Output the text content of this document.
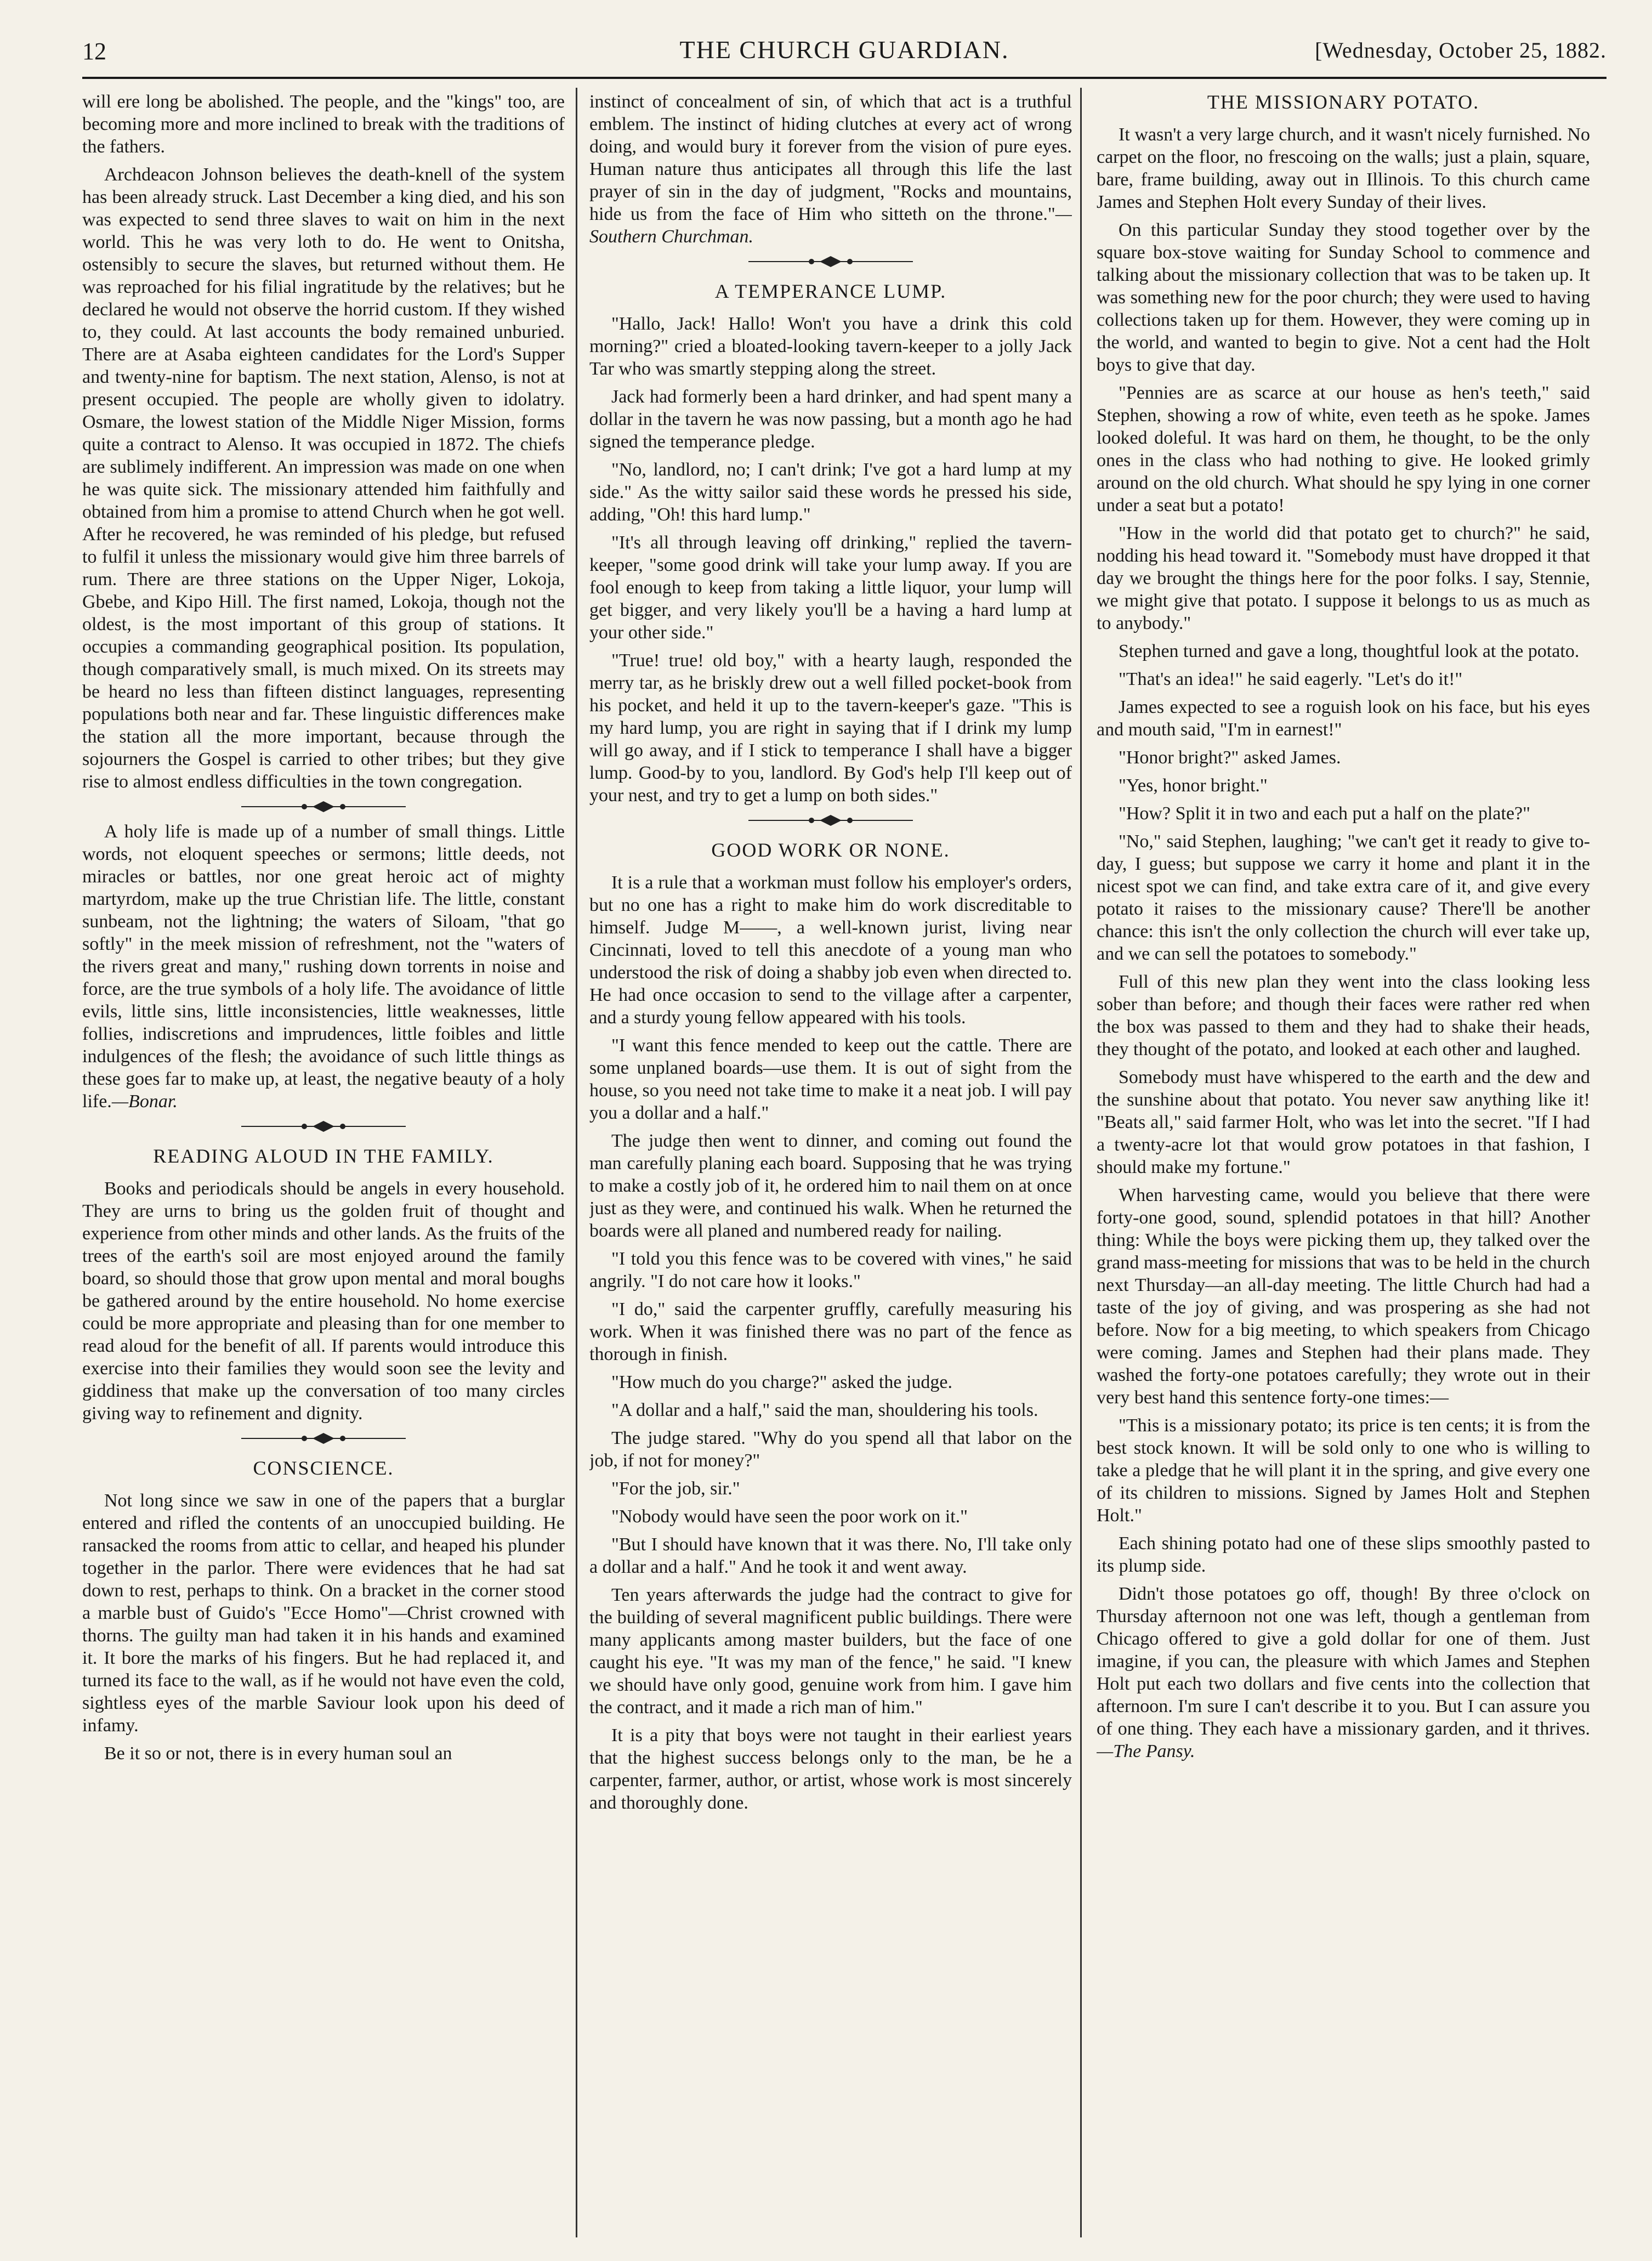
12	THE CHURCH GUARDIAN.	[Wednesday, October 25, 1882.

will ere long be abolished. The people, and the "kings" too, are becoming more and more inclined to break with the traditions of the fathers.

Archdeacon Johnson believes the death-knell of the system has been already struck. Last December a king died, and his son was expected to send three slaves to wait on him in the next world. This he was very loth to do. He went to Onitsha, ostensibly to secure the slaves, but returned without them. He was reproached for his filial ingratitude by the relatives; but he declared he would not observe the horrid custom. If they wished to, they could. At last accounts the body remained unburied. There are at Asaba eighteen candidates for the Lord's Supper and twenty-nine for baptism. The next station, Alenso, is not at present occupied. The people are wholly given to idolatry. Osmare, the lowest station of the Middle Niger Mission, forms quite a contract to Alenso. It was occupied in 1872. The chiefs are sublimely indifferent. An impression was made on one when he was quite sick. The missionary attended him faithfully and obtained from him a promise to attend Church when he got well. After he recovered, he was reminded of his pledge, but refused to fulfil it unless the missionary would give him three barrels of rum. There are three stations on the Upper Niger, Lokoja, Gbebe, and Kipo Hill. The first named, Lokoja, though not the oldest, is the most important of this group of stations. It occupies a commanding geographical position. Its population, though comparatively small, is much mixed. On its streets may be heard no less than fifteen distinct languages, representing populations both near and far. These linguistic differences make the station all the more important, because through the sojourners the Gospel is carried to other tribes; but they give rise to almost endless difficulties in the town congregation.

A holy life is made up of a number of small things. Little words, not eloquent speeches or sermons; little deeds, not miracles or battles, nor one great heroic act of mighty martyrdom, make up the true Christian life. The little, constant sunbeam, not the lightning; the waters of Siloam, "that go softly" in the meek mission of refreshment, not the "waters of the rivers great and many," rushing down torrents in noise and force, are the true symbols of a holy life. The avoidance of little evils, little sins, little inconsistencies, little weaknesses, little follies, indiscretions and imprudences, little foibles and little indulgences of the flesh; the avoidance of such little things as these goes far to make up, at least, the negative beauty of a holy life.—Bonar.

READING ALOUD IN THE FAMILY.

Books and periodicals should be angels in every household. They are urns to bring us the golden fruit of thought and experience from other minds and other lands. As the fruits of the trees of the earth's soil are most enjoyed around the family board, so should those that grow upon mental and moral boughs be gathered around by the entire household. No home exercise could be more appropriate and pleasing than for one member to read aloud for the benefit of all. If parents would introduce this exercise into their families they would soon see the levity and giddiness that make up the conversation of too many circles giving way to refinement and dignity.

CONSCIENCE.

Not long since we saw in one of the papers that a burglar entered and rifled the contents of an unoccupied building. He ransacked the rooms from attic to cellar, and heaped his plunder together in the parlor. There were evidences that he had sat down to rest, perhaps to think. On a bracket in the corner stood a marble bust of Guido's "Ecce Homo"—Christ crowned with thorns. The guilty man had taken it in his hands and examined it. It bore the marks of his fingers. But he had replaced it, and turned its face to the wall, as if he would not have even the cold, sightless eyes of the marble Saviour look upon his deed of infamy.

Be it so or not, there is in every human soul an

instinct of concealment of sin, of which that act is a truthful emblem. The instinct of hiding clutches at every act of wrong doing, and would bury it forever from the vision of pure eyes. Human nature thus anticipates all through this life the last prayer of sin in the day of judgment, "Rocks and mountains, hide us from the face of Him who sitteth on the throne."—Southern Churchman.

A TEMPERANCE LUMP.

"Hallo, Jack! Hallo! Won't you have a drink this cold morning?" cried a bloated-looking tavern-keeper to a jolly Jack Tar who was smartly stepping along the street.

Jack had formerly been a hard drinker, and had spent many a dollar in the tavern he was now passing, but a month ago he had signed the temperance pledge.

"No, landlord, no; I can't drink; I've got a hard lump at my side." As the witty sailor said these words he pressed his side, adding, "Oh! this hard lump."

"It's all through leaving off drinking," replied the tavern-keeper, "some good drink will take your lump away. If you are fool enough to keep from taking a little liquor, your lump will get bigger, and very likely you'll be a having a hard lump at your other side."

"True! true! old boy," with a hearty laugh, responded the merry tar, as he briskly drew out a well filled pocket-book from his pocket, and held it up to the tavern-keeper's gaze. "This is my hard lump, you are right in saying that if I drink my lump will go away, and if I stick to temperance I shall have a bigger lump. Good-by to you, landlord. By God's help I'll keep out of your nest, and try to get a lump on both sides."

GOOD WORK OR NONE.

It is a rule that a workman must follow his employer's orders, but no one has a right to make him do work discreditable to himself. Judge M——, a well-known jurist, living near Cincinnati, loved to tell this anecdote of a young man who understood the risk of doing a shabby job even when directed to. He had once occasion to send to the village after a carpenter, and a sturdy young fellow appeared with his tools.

"I want this fence mended to keep out the cattle. There are some unplaned boards—use them. It is out of sight from the house, so you need not take time to make it a neat job. I will pay you a dollar and a half."

The judge then went to dinner, and coming out found the man carefully planing each board. Supposing that he was trying to make a costly job of it, he ordered him to nail them on at once just as they were, and continued his walk. When he returned the boards were all planed and numbered ready for nailing.

"I told you this fence was to be covered with vines," he said angrily. "I do not care how it looks."

"I do," said the carpenter gruffly, carefully measuring his work. When it was finished there was no part of the fence as thorough in finish.

"How much do you charge?" asked the judge.

"A dollar and a half," said the man, shouldering his tools.

The judge stared. "Why do you spend all that labor on the job, if not for money?"

"For the job, sir."

"Nobody would have seen the poor work on it."

"But I should have known that it was there. No, I'll take only a dollar and a half." And he took it and went away.

Ten years afterwards the judge had the contract to give for the building of several magnificent public buildings. There were many applicants among master builders, but the face of one caught his eye. "It was my man of the fence," he said. "I knew we should have only good, genuine work from him. I gave him the contract, and it made a rich man of him."

It is a pity that boys were not taught in their earliest years that the highest success belongs only to the man, be he a carpenter, farmer, author, or artist, whose work is most sincerely and thoroughly done.

THE MISSIONARY POTATO.

It wasn't a very large church, and it wasn't nicely furnished. No carpet on the floor, no frescoing on the walls; just a plain, square, bare, frame building, away out in Illinois. To this church came James and Stephen Holt every Sunday of their lives.

On this particular Sunday they stood together over by the square box-stove waiting for Sunday School to commence and talking about the missionary collection that was to be taken up. It was something new for the poor church; they were used to having collections taken up for them. However, they were coming up in the world, and wanted to begin to give. Not a cent had the Holt boys to give that day.

"Pennies are as scarce at our house as hen's teeth," said Stephen, showing a row of white, even teeth as he spoke. James looked doleful. It was hard on them, he thought, to be the only ones in the class who had nothing to give. He looked grimly around on the old church. What should he spy lying in one corner under a seat but a potato!

"How in the world did that potato get to church?" he said, nodding his head toward it. "Somebody must have dropped it that day we brought the things here for the poor folks. I say, Stennie, we might give that potato. I suppose it belongs to us as much as to anybody."

Stephen turned and gave a long, thoughtful look at the potato.

"That's an idea!" he said eagerly. "Let's do it!"

James expected to see a roguish look on his face, but his eyes and mouth said, "I'm in earnest!"

"Honor bright?" asked James.

"Yes, honor bright."

"How? Split it in two and each put a half on the plate?"

"No," said Stephen, laughing; "we can't get it ready to give to-day, I guess; but suppose we carry it home and plant it in the nicest spot we can find, and take extra care of it, and give every potato it raises to the missionary cause? There'll be another chance: this isn't the only collection the church will ever take up, and we can sell the potatoes to somebody."

Full of this new plan they went into the class looking less sober than before; and though their faces were rather red when the box was passed to them and they had to shake their heads, they thought of the potato, and looked at each other and laughed.

Somebody must have whispered to the earth and the dew and the sunshine about that potato. You never saw anything like it! "Beats all," said farmer Holt, who was let into the secret. "If I had a twenty-acre lot that would grow potatoes in that fashion, I should make my fortune."

When harvesting came, would you believe that there were forty-one good, sound, splendid potatoes in that hill? Another thing: While the boys were picking them up, they talked over the grand mass-meeting for missions that was to be held in the church next Thursday—an all-day meeting. The little Church had had a taste of the joy of giving, and was prospering as she had not before. Now for a big meeting, to which speakers from Chicago were coming. James and Stephen had their plans made. They washed the forty-one potatoes carefully; they wrote out in their very best hand this sentence forty-one times:—

"This is a missionary potato; its price is ten cents; it is from the best stock known. It will be sold only to one who is willing to take a pledge that he will plant it in the spring, and give every one of its children to missions. Signed by James Holt and Stephen Holt."

Each shining potato had one of these slips smoothly pasted to its plump side.

Didn't those potatoes go off, though! By three o'clock on Thursday afternoon not one was left, though a gentleman from Chicago offered to give a gold dollar for one of them. Just imagine, if you can, the pleasure with which James and Stephen Holt put each two dollars and five cents into the collection that afternoon. I'm sure I can't describe it to you. But I can assure you of one thing. They each have a missionary garden, and it thrives.—The Pansy.
